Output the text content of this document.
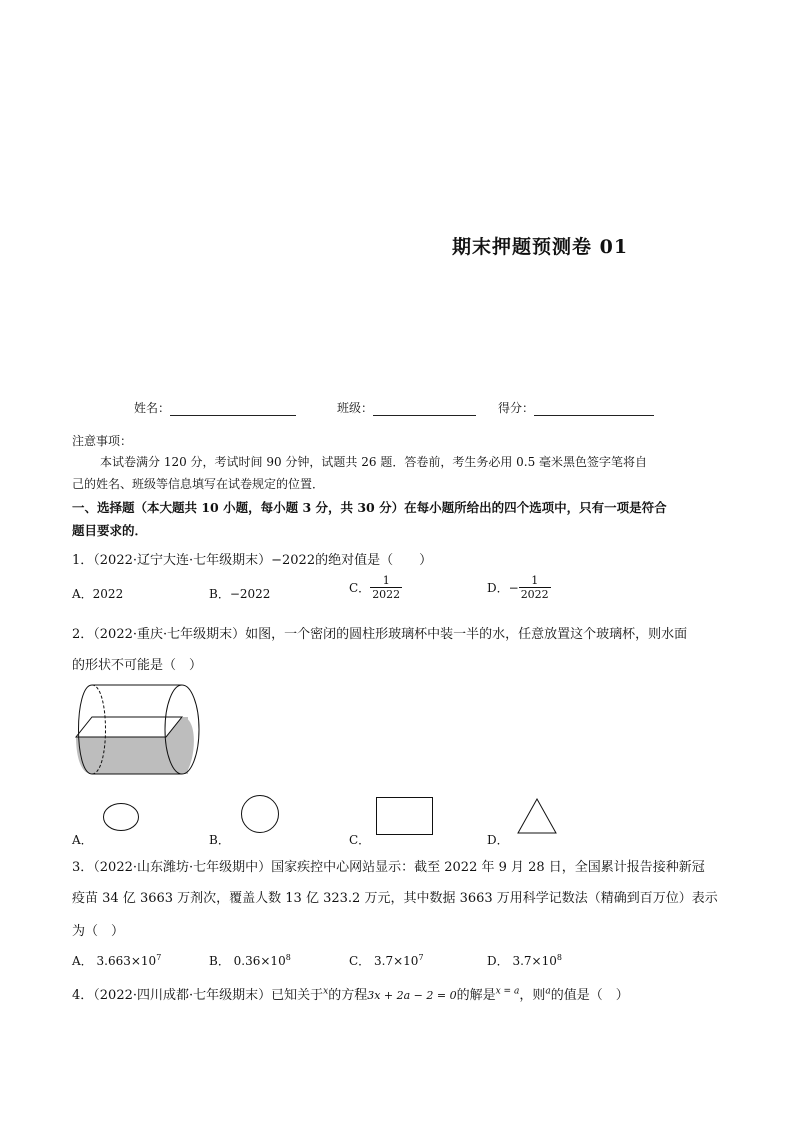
期末押题预测卷 01
姓名：	班级：	得分：
注意事项：
本试卷满分 120 分，考试时间 90 分钟，试题共 26 题．答卷前，考生务必用 0.5 毫米黑色签字笔将自
己的姓名、班级等信息填写在试卷规定的位置．
一、选择题（本大题共 10 小题，每小题 3 分，共 30 分）在每小题所给出的四个选项中，只有一项是符合
题目要求的．
1．（2022·辽宁大连·七年级期末）−2022的绝对值是（　　）
A．2022	B．−2022	C． $\frac{1}{2022}$	D．− $\frac{1}{2022}$
2．（2022·重庆·七年级期末）如图，一个密闭的圆柱形玻璃杯中装一半的水，任意放置这个玻璃杯，则水面
的形状不可能是（　）
A．	B．	C．	D．
3．（2022·山东潍坊·七年级期中）国家疾控中心网站显示：截至 2022 年 9 月 28 日，全国累计报告接种新冠
疫苗 34 亿 3663 万剂次，覆盖人数 13 亿 323.2 万元，其中数据 3663 万用科学记数法（精确到百万位）表示
为（　）
A． $3.663\times 10^7$	B． $0.36\times 10^8$	C． $3.7\times 10^7$	D． $3.7\times 10^8$
4．（2022·四川成都·七年级期末）已知关于$^x$的方程3x + 2a − 2 = 0的解是$^{x = a}$，则$^a$的值是（　）
